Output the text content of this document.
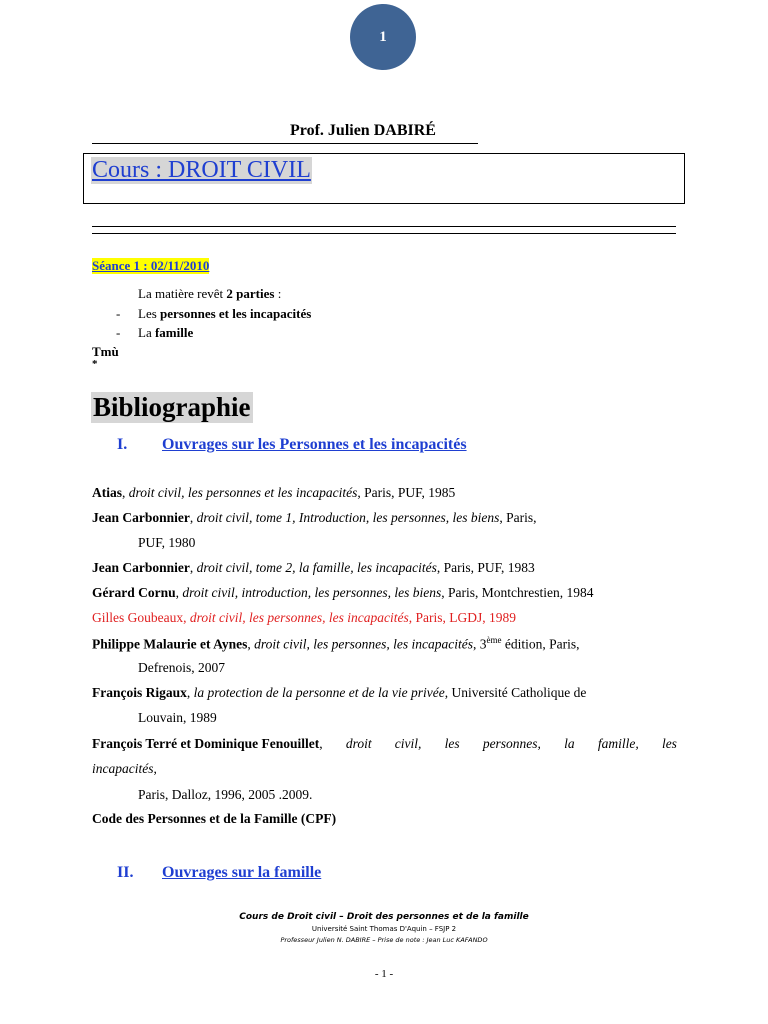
1
Prof. Julien DABIRÉ
Cours : DROIT CIVIL
Séance 1 : 02/11/2010
La matière revêt 2 parties :
- Les personnes et les incapacités
- La famille
Tmù
*
Bibliographie
I. Ouvrages sur les Personnes et les incapacités
Atias, droit civil, les personnes et les incapacités, Paris, PUF, 1985
Jean Carbonnier, droit civil, tome 1, Introduction, les personnes, les biens, Paris,
PUF, 1980
Jean Carbonnier, droit civil, tome 2, la famille, les incapacités, Paris, PUF, 1983
Gérard Cornu, droit civil, introduction, les personnes, les biens, Paris, Montchrestien, 1984
Gilles Goubeaux, droit civil, les personnes, les incapacités, Paris, LGDJ, 1989
Philippe Malaurie et Aynes, droit civil, les personnes, les incapacités, 3ème édition, Paris,
Defrenois, 2007
François Rigaux, la protection de la personne et de la vie privée, Université Catholique de
Louvain, 1989
François Terré et Dominique Fenouillet, droit civil, les personnes, la famille, les
incapacités,
Paris, Dalloz, 1996, 2005 .2009.
Code des Personnes et de la Famille (CPF)
II. Ouvrages sur la famille
Cours de Droit civil – Droit des personnes et de la famille
Université Saint Thomas D'Aquin – FSJP 2
Professeur Julien N. DABIRE – Prise de note : Jean Luc KAFANDO
- 1 -
